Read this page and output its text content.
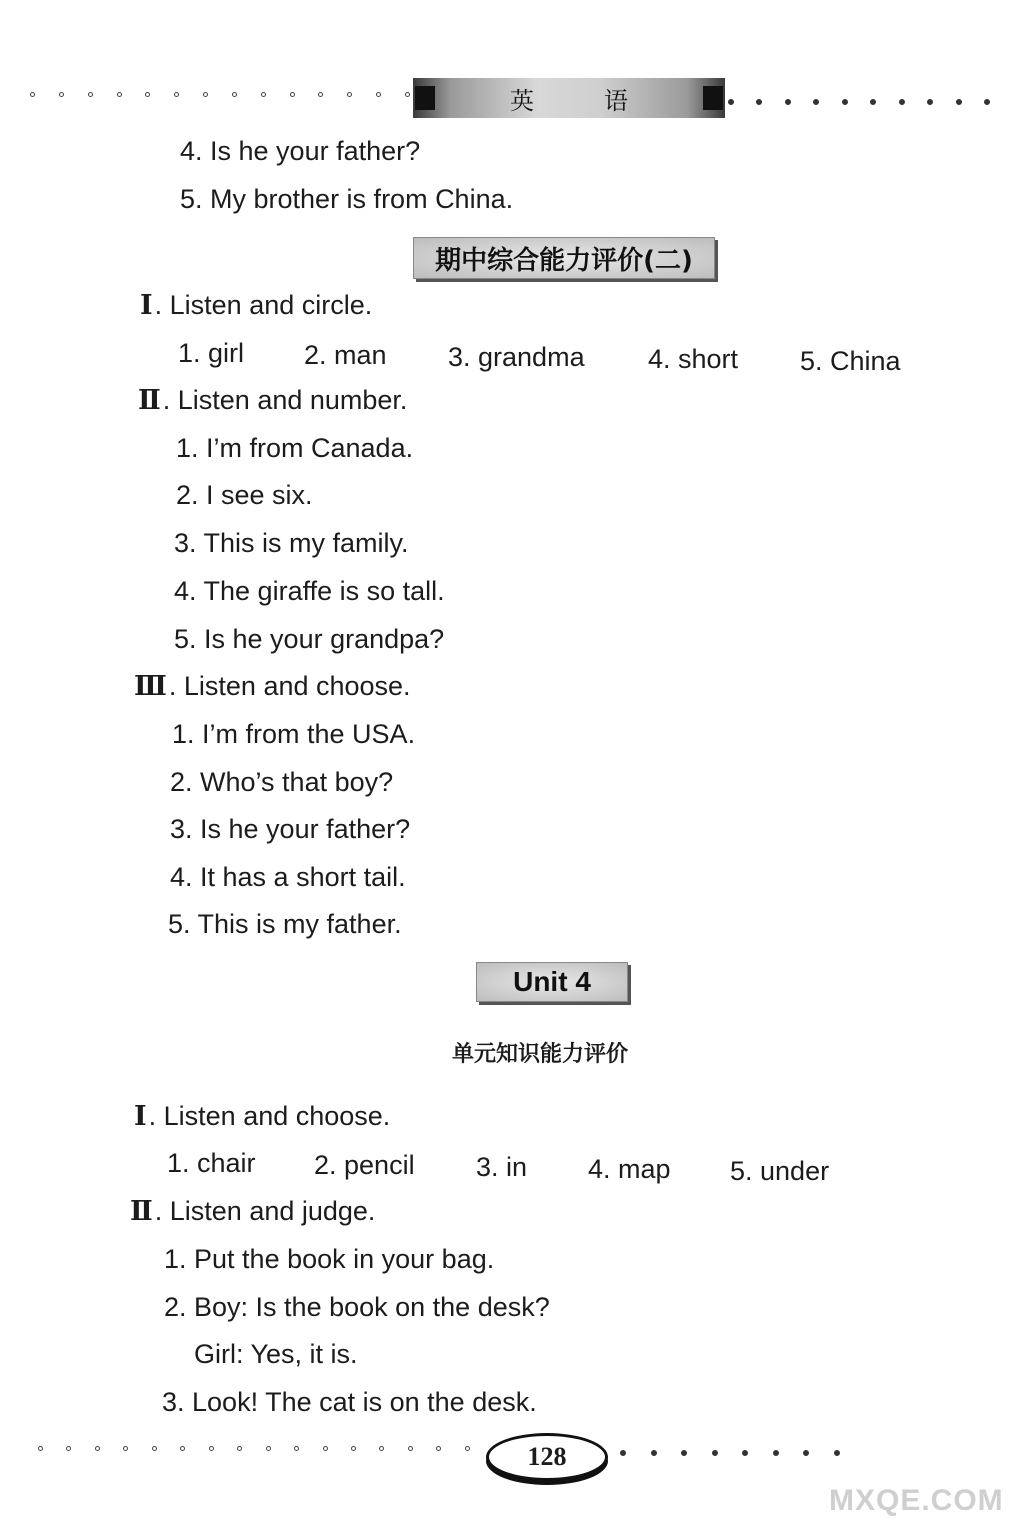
英	语
4. Is he your father?
5. My brother is from China.
期中综合能力评价(二)
Ⅰ. Listen and circle.
1. girl 2. man 3. grandma 4. short 5. China
Ⅱ. Listen and number.
1. I’m from Canada.
2. I see six.
3. This is my family.
4. The giraffe is so tall.
5. Is he your grandpa?
Ⅲ. Listen and choose.
1. I’m from the USA.
2. Who’s that boy?
3. Is he your father?
4. It has a short tail.
5. This is my father.
Unit 4
单元知识能力评价
Ⅰ. Listen and choose.
1. chair 2. pencil 3. in 4. map 5. under
Ⅱ. Listen and judge.
1. Put the book in your bag.
2. Boy: Is the book on the desk?
Girl: Yes, it is.
3. Look! The cat is on the desk.
128
MXQE.COM
